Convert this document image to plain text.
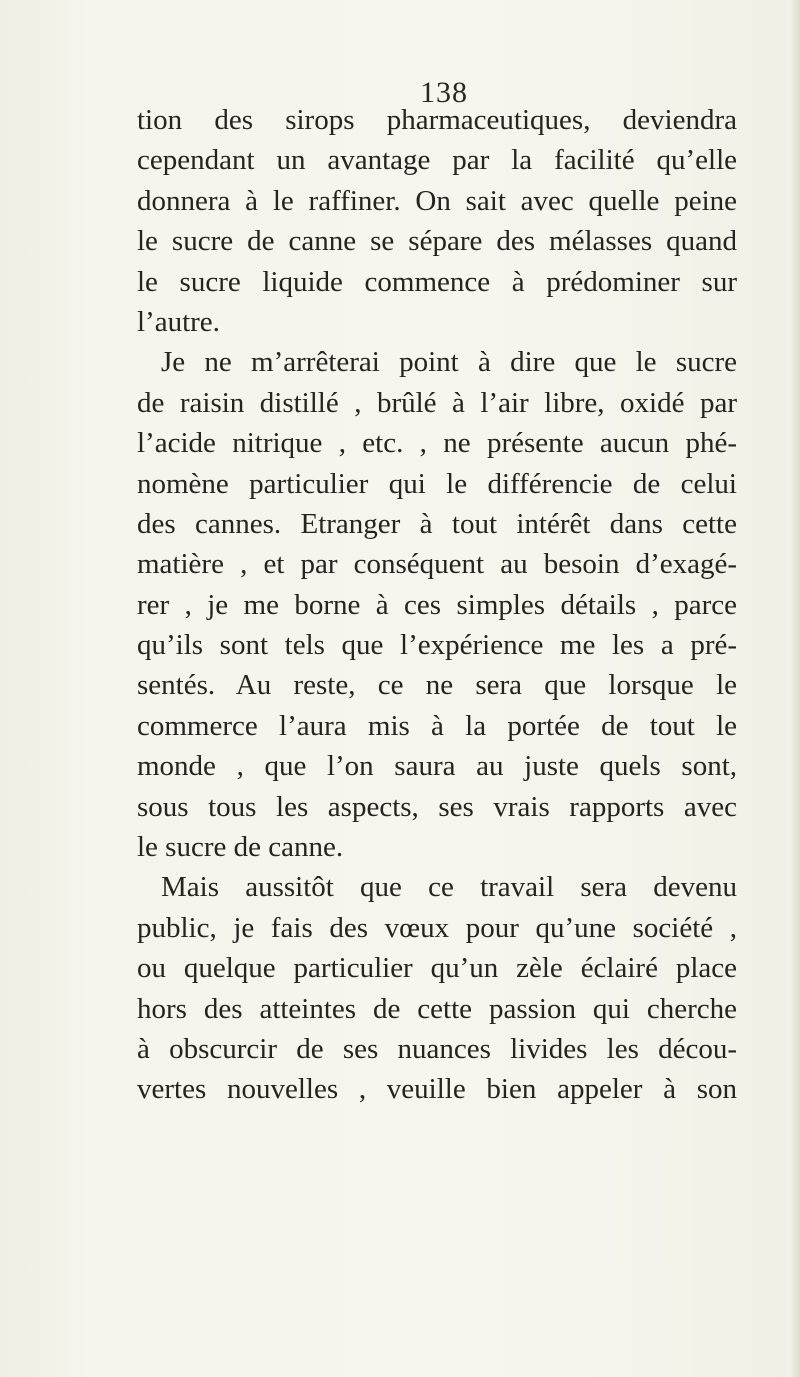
138
tion des sirops pharmaceutiques, deviendra
cependant un avantage par la facilité qu’elle
donnera à le raffiner. On sait avec quelle peine
le sucre de canne se sépare des mélasses quand
le sucre liquide commence à prédominer sur
l’autre.
Je ne m’arrêterai point à dire que le sucre
de raisin distillé , brûlé à l’air libre, oxidé par
l’acide nitrique , etc. , ne présente aucun phé-
nomène particulier qui le différencie de celui
des cannes. Etranger à tout intérêt dans cette
matière , et par conséquent au besoin d’exagé-
rer , je me borne à ces simples détails , parce
qu’ils sont tels que l’expérience me les a pré-
sentés. Au reste, ce ne sera que lorsque le
commerce l’aura mis à la portée de tout le
monde , que l’on saura au juste quels sont,
sous tous les aspects, ses vrais rapports avec
le sucre de canne.
Mais aussitôt que ce travail sera devenu
public, je fais des vœux pour qu’une société ,
ou quelque particulier qu’un zèle éclairé place
hors des atteintes de cette passion qui cherche
à obscurcir de ses nuances livides les décou-
vertes nouvelles , veuille bien appeler à son
